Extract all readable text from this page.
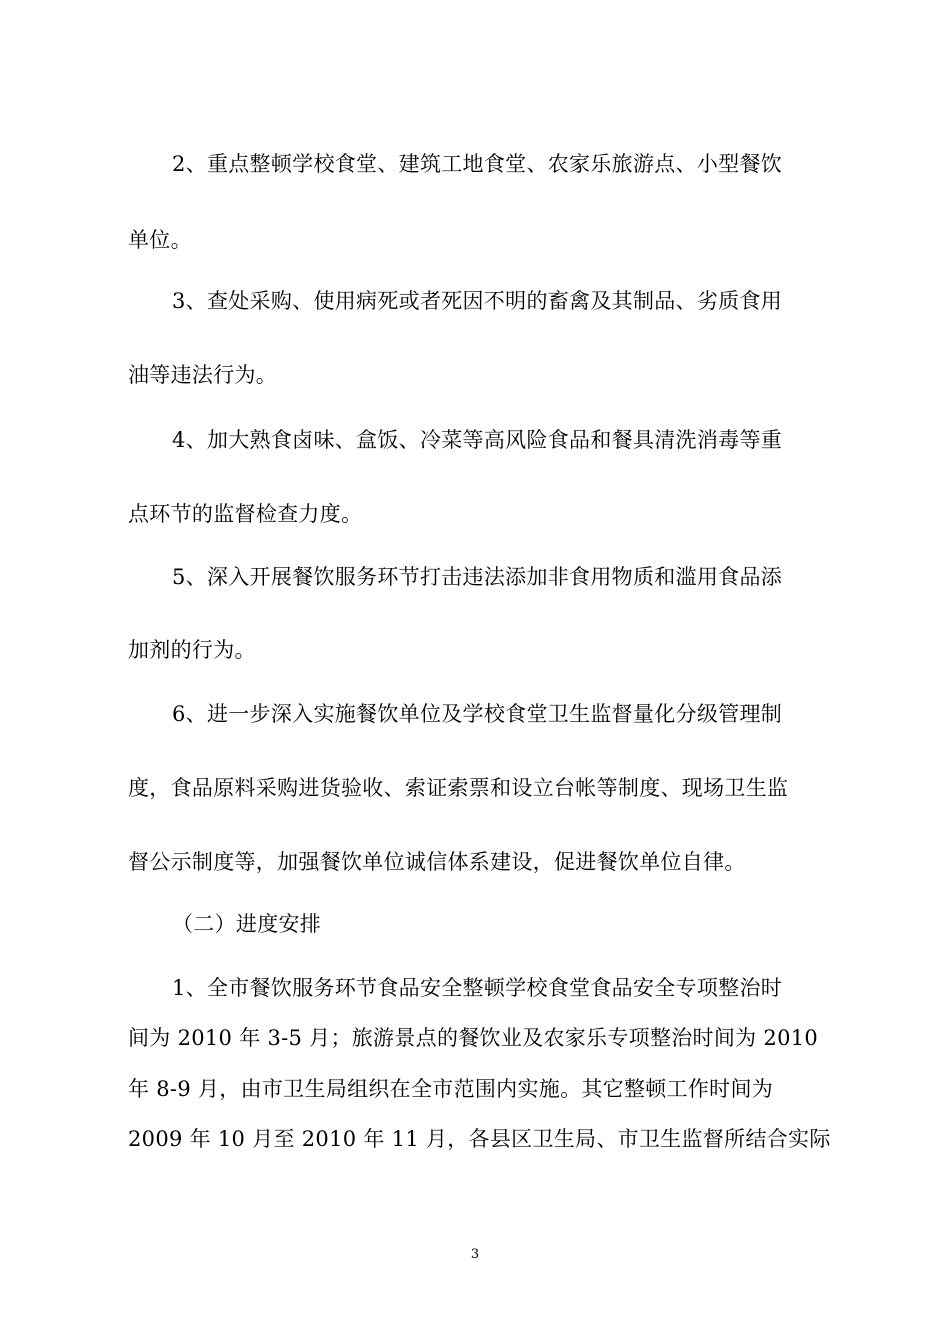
2、重点整顿学校食堂、建筑工地食堂、农家乐旅游点、小型餐饮
单位。
3、查处采购、使用病死或者死因不明的畜禽及其制品、劣质食用
油等违法行为。
4、加大熟食卤味、盒饭、冷菜等高风险食品和餐具清洗消毒等重
点环节的监督检查力度。
5、深入开展餐饮服务环节打击违法添加非食用物质和滥用食品添
加剂的行为。
6、进一步深入实施餐饮单位及学校食堂卫生监督量化分级管理制
度，食品原料采购进货验收、索证索票和设立台帐等制度、现场卫生监
督公示制度等，加强餐饮单位诚信体系建设，促进餐饮单位自律。
（二）进度安排
1、全市餐饮服务环节食品安全整顿学校食堂食品安全专项整治时
间为 2010 年 3-5 月；旅游景点的餐饮业及农家乐专项整治时间为 2010
年 8-9 月，由市卫生局组织在全市范围内实施。其它整顿工作时间为
2009 年 10 月至 2010 年 11 月，各县区卫生局、市卫生监督所结合实际
3
